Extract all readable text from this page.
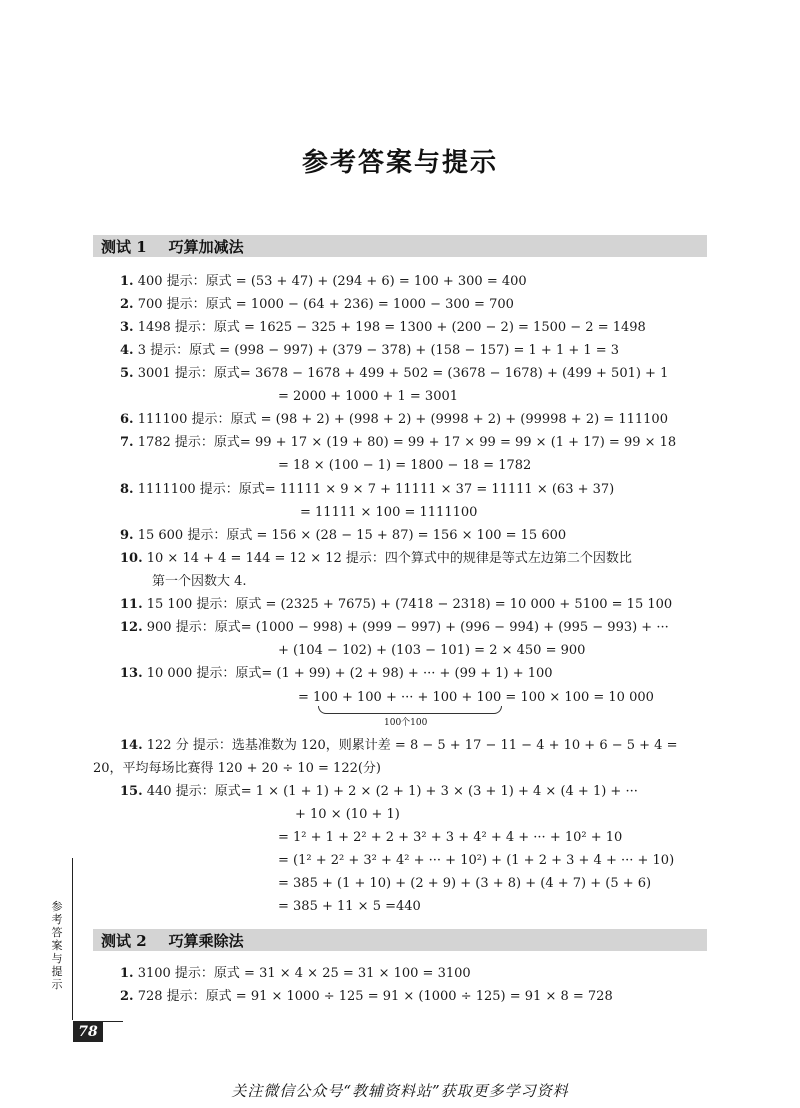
参考答案与提示
测试 1 巧算加减法
1. 400 提示：原式 = (53 + 47) + (294 + 6) = 100 + 300 = 400
2. 700 提示：原式 = 1000 − (64 + 236) = 1000 − 300 = 700
3. 1498 提示：原式 = 1625 − 325 + 198 = 1300 + (200 − 2) = 1500 − 2 = 1498
4. 3 提示：原式 = (998 − 997) + (379 − 378) + (158 − 157) = 1 + 1 + 1 = 3
5. 3001 提示：原式= 3678 − 1678 + 499 + 502 = (3678 − 1678) + (499 + 501) + 1
= 2000 + 1000 + 1 = 3001
6. 111100 提示：原式 = (98 + 2) + (998 + 2) + (9998 + 2) + (99998 + 2) = 111100
7. 1782 提示：原式= 99 + 17 × (19 + 80) = 99 + 17 × 99 = 99 × (1 + 17) = 99 × 18
= 18 × (100 − 1) = 1800 − 18 = 1782
8. 1111100 提示：原式= 11111 × 9 × 7 + 11111 × 37 = 11111 × (63 + 37)
= 11111 × 100 = 1111100
9. 15 600 提示：原式 = 156 × (28 − 15 + 87) = 156 × 100 = 15 600
10. 10 × 14 + 4 = 144 = 12 × 12 提示：四个算式中的规律是等式左边第二个因数比
第一个因数大 4.
11. 15 100 提示：原式 = (2325 + 7675) + (7418 − 2318) = 10 000 + 5100 = 15 100
12. 900 提示：原式= (1000 − 998) + (999 − 997) + (996 − 994) + (995 − 993) + ···
+ (104 − 102) + (103 − 101) = 2 × 450 = 900
13. 10 000 提示：原式= (1 + 99) + (2 + 98) + ··· + (99 + 1) + 100
= 100 + 100 + ··· + 100 + 100 = 100 × 100 = 10 000
100个100
14. 122 分 提示：选基准数为 120，则累计差 = 8 − 5 + 17 − 11 − 4 + 10 + 6 − 5 + 4 =
20，平均每场比赛得 120 + 20 ÷ 10 = 122(分)
15. 440 提示：原式= 1 × (1 + 1) + 2 × (2 + 1) + 3 × (3 + 1) + 4 × (4 + 1) + ···
+ 10 × (10 + 1)
= 1² + 1 + 2² + 2 + 3² + 3 + 4² + 4 + ··· + 10² + 10
= (1² + 2² + 3² + 4² + ··· + 10²) + (1 + 2 + 3 + 4 + ··· + 10)
= 385 + (1 + 10) + (2 + 9) + (3 + 8) + (4 + 7) + (5 + 6)
= 385 + 11 × 5 =440
测试 2 巧算乘除法
1. 3100 提示：原式 = 31 × 4 × 25 = 31 × 100 = 3100
2. 728 提示：原式 = 91 × 1000 ÷ 125 = 91 × (1000 ÷ 125) = 91 × 8 = 728
参考答案与提示
78
关注微信公众号“教辅资料站”获取更多学习资料
